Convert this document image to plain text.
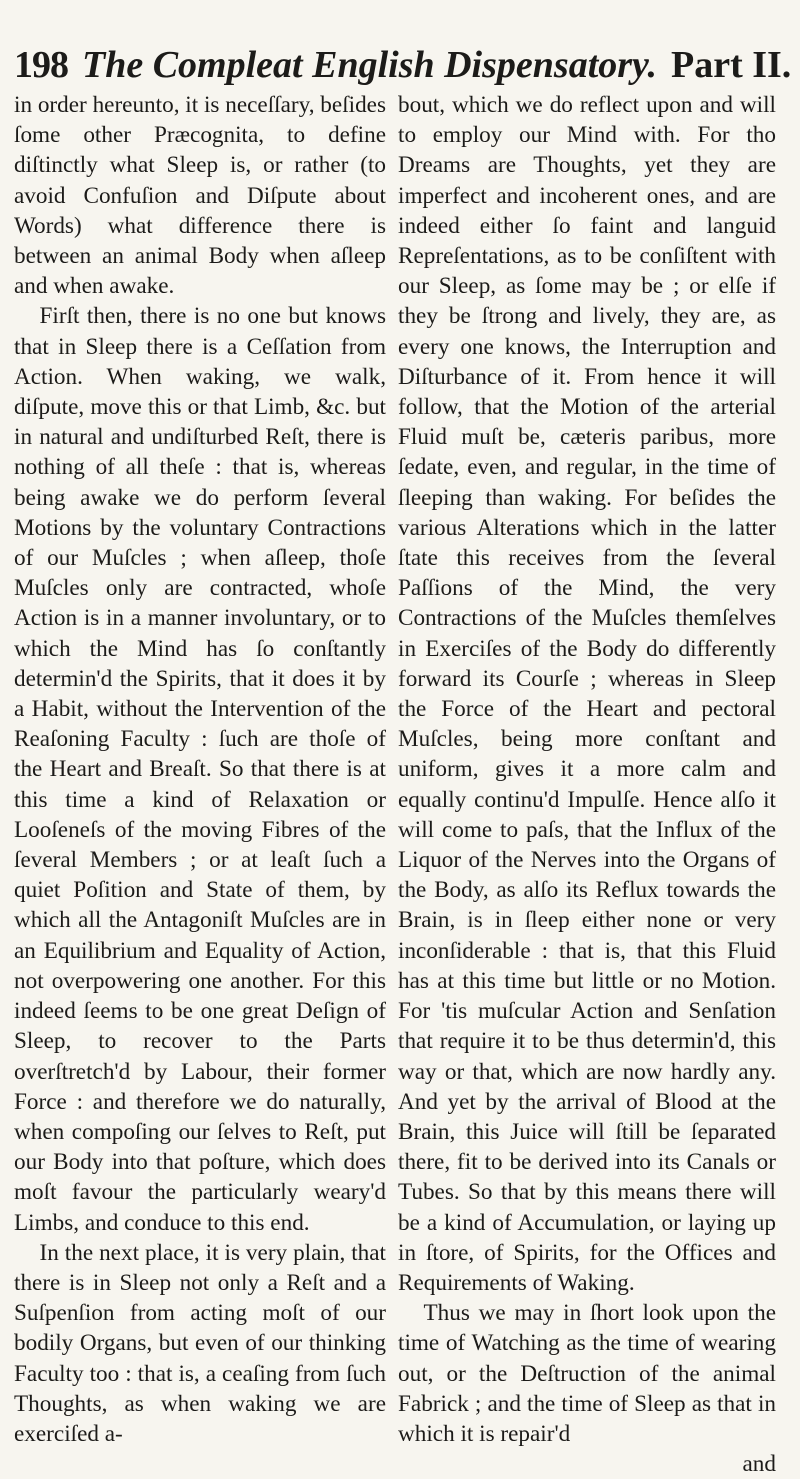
198 The Compleat English Dispensatory. Part II.

in order hereunto, it is neceſſary, beſides ſome other Præcognita, to define diſtinctly what Sleep is, or rather (to avoid Confuſion and Diſpute about Words) what difference there is between an animal Body when aſleep and when awake.

Firſt then, there is no one but knows that in Sleep there is a Ceſſation from Action. When waking, we walk, diſpute, move this or that Limb, &c. but in natural and undiſturbed Reſt, there is nothing of all theſe : that is, whereas being awake we do perform ſeveral Motions by the voluntary Contractions of our Muſcles ; when aſleep, thoſe Muſcles only are contracted, whoſe Action is in a manner involuntary, or to which the Mind has ſo conſtantly determin'd the Spirits, that it does it by a Habit, without the Intervention of the Reaſoning Faculty : ſuch are thoſe of the Heart and Breaſt. So that there is at this time a kind of Relaxation or Looſeneſs of the moving Fibres of the ſeveral Members ; or at leaſt ſuch a quiet Poſition and State of them, by which all the Antagoniſt Muſcles are in an Equilibrium and Equality of Action, not overpowering one another. For this indeed ſeems to be one great Deſign of Sleep, to recover to the Parts overſtretch'd by Labour, their former Force : and therefore we do naturally, when compoſing our ſelves to Reſt, put our Body into that poſture, which does moſt favour the particularly weary'd Limbs, and conduce to this end.

In the next place, it is very plain, that there is in Sleep not only a Reſt and a Suſpenſion from acting moſt of our bodily Organs, but even of our thinking Faculty too : that is, a ceaſing from ſuch Thoughts, as when waking we are exerciſed a-

bout, which we do reflect upon and will to employ our Mind with. For tho Dreams are Thoughts, yet they are imperfect and incoherent ones, and are indeed either ſo faint and languid Repreſentations, as to be conſiſtent with our Sleep, as ſome may be ; or elſe if they be ſtrong and lively, they are, as every one knows, the Interruption and Diſturbance of it. From hence it will follow, that the Motion of the arterial Fluid muſt be, cæteris paribus, more ſedate, even, and regular, in the time of ſleeping than waking. For beſides the various Alterations which in the latter ſtate this receives from the ſeveral Paſſions of the Mind, the very Contractions of the Muſcles themſelves in Exerciſes of the Body do differently forward its Courſe ; whereas in Sleep the Force of the Heart and pectoral Muſcles, being more conſtant and uniform, gives it a more calm and equally continu'd Impulſe. Hence alſo it will come to paſs, that the Influx of the Liquor of the Nerves into the Organs of the Body, as alſo its Reflux towards the Brain, is in ſleep either none or very inconſiderable : that is, that this Fluid has at this time but little or no Motion. For 'tis muſcular Action and Senſation that require it to be thus determin'd, this way or that, which are now hardly any. And yet by the arrival of Blood at the Brain, this Juice will ſtill be ſeparated there, fit to be derived into its Canals or Tubes. So that by this means there will be a kind of Accumulation, or laying up in ſtore, of Spirits, for the Offices and Requirements of Waking.

Thus we may in ſhort look upon the time of Watching as the time of wearing out, or the Deſtruction of the animal Fabrick ; and the time of Sleep as that in which it is repair'd

and
